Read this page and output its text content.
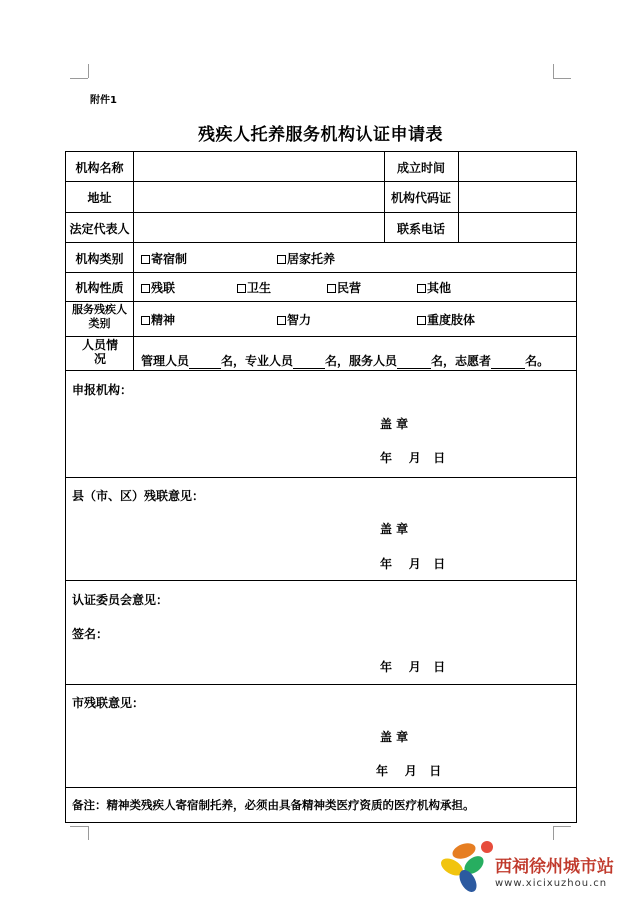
附件1
残疾人托养服务机构认证申请表
机构名称	成立时间
地址	机构代码证
法定代表人	联系电话
机构类别	寄宿制	居家托养
机构性质	残联	卫生	民营	其他
服务残疾人类别	精神	智力	重度肢体
人员情况	管理人员	名，专业人员	名，服务人员	名，志愿者	名。
申报机构：
盖 章
年    月   日
县（市、区）残联意见：
盖 章
年    月   日
认证委员会意见：
签名：
年    月   日
市残联意见：
盖 章
年    月   日
备注：精神类残疾人寄宿制托养，必须由具备精神类医疗资质的医疗机构承担。
西祠徐州城市站
www.xicixuzhou.cn
